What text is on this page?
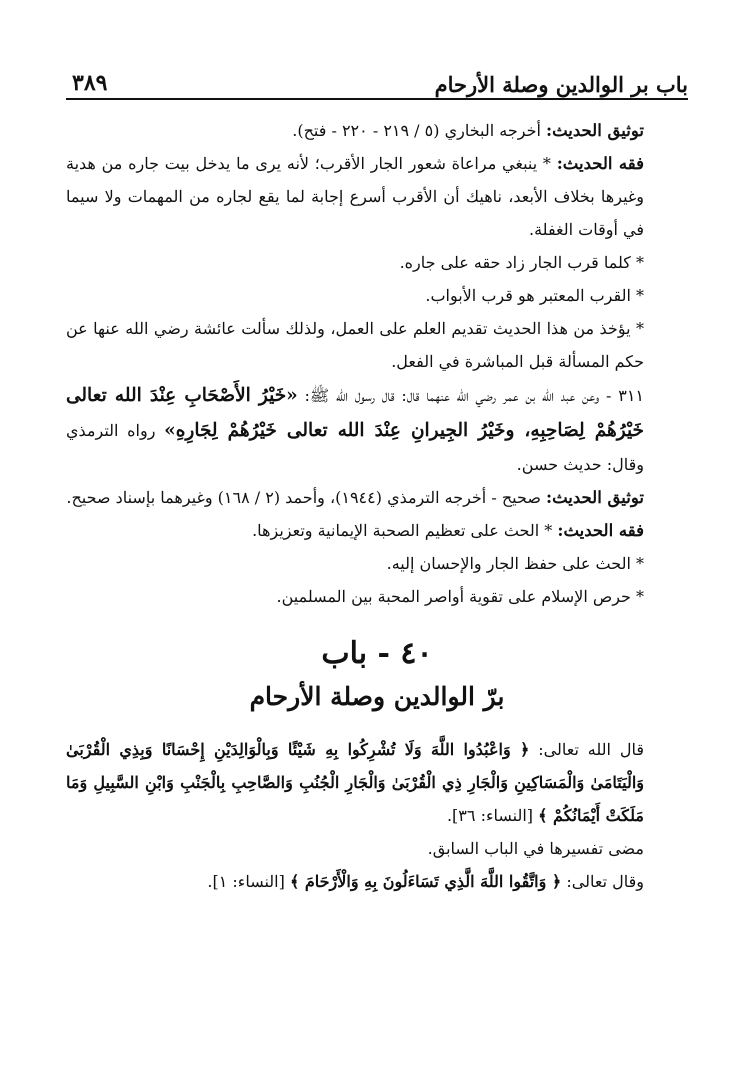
باب بر الوالدين وصلة الأرحام
٣٨٩

توثيق الحديث: أخرجه البخاري (٥ / ٢١٩ - ٢٢٠ - فتح).

فقه الحديث: * ينبغي مراعاة شعور الجار الأقرب؛ لأنه يرى ما يدخل بيت جاره من هدية وغيرها بخلاف الأبعد، ناهيك أن الأقرب أسرع إجابة لما يقع لجاره من المهمات ولا سيما في أوقات الغفلة.

* كلما قرب الجار زاد حقه على جاره.

* القرب المعتبر هو قرب الأبواب.

* يؤخذ من هذا الحديث تقديم العلم على العمل، ولذلك سألت عائشة رضي الله عنها عن حكم المسألة قبل المباشرة في الفعل.

٣١١ - وعن عبد الله بن عمر رضي الله عنهما قال: قال رسول الله ﷺ: «خَيْرُ الأَصْحَابِ عِنْدَ الله تعالى خَيْرُهُمْ لِصَاحِبِهِ، وخَيْرُ الجِيرانِ عِنْدَ الله تعالى خَيْرُهُمْ لِجَارِهِ» رواه الترمذي وقال: حديث حسن.

توثيق الحديث: صحيح - أخرجه الترمذي (١٩٤٤)، وأحمد (٢ / ١٦٨) وغيرهما بإسناد صحيح.

فقه الحديث: * الحث على تعظيم الصحبة الإيمانية وتعزيزها.

* الحث على حفظ الجار والإحسان إليه.

* حرص الإسلام على تقوية أواصر المحبة بين المسلمين.

٤٠ - باب
برّ الوالدين وصلة الأرحام

قال الله تعالى: ﴿ وَاعْبُدُوا اللَّهَ وَلَا تُشْرِكُوا بِهِ شَيْئًا وَبِالْوَالِدَيْنِ إِحْسَانًا وَبِذِي الْقُرْبَىٰ وَالْيَتَامَىٰ وَالْمَسَاكِينِ وَالْجَارِ ذِي الْقُرْبَىٰ وَالْجَارِ الْجُنُبِ وَالصَّاحِبِ بِالْجَنْبِ وَابْنِ السَّبِيلِ وَمَا مَلَكَتْ أَيْمَانُكُمْ ﴾ [النساء: ٣٦].

مضى تفسيرها في الباب السابق.

وقال تعالى: ﴿ وَاتَّقُوا اللَّهَ الَّذِي تَسَاءَلُونَ بِهِ وَالْأَرْحَامَ ﴾ [النساء: ١].
